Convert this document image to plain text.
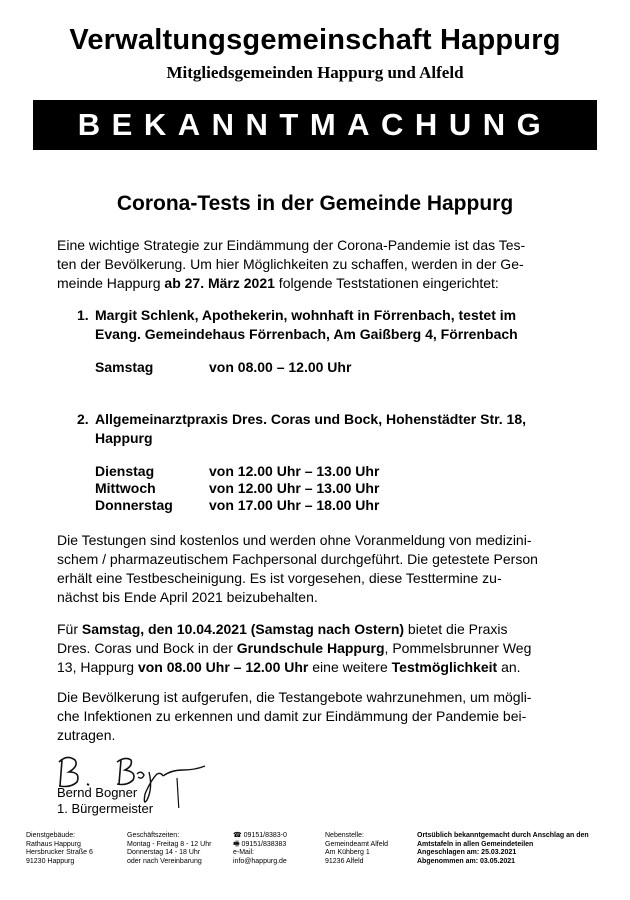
Verwaltungsgemeinschaft Happurg
Mitgliedsgemeinden Happurg und Alfeld
BEKANNTMACHUNG
Corona-Tests in der Gemeinde Happurg
Eine wichtige Strategie zur Eindämmung der Corona-Pandemie ist das Tes-
ten der Bevölkerung. Um hier Möglichkeiten zu schaffen, werden in der Ge-
meinde Happurg ab 27. März 2021 folgende Teststationen eingerichtet:
1. Margit Schlenk, Apothekerin, wohnhaft in Förrenbach, testet im
Evang. Gemeindehaus Förrenbach, Am Gaißberg 4, Förrenbach
Samstag	von 08.00 – 12.00 Uhr
2. Allgemeinarztpraxis Dres. Coras und Bock, Hohenstädter Str. 18,
Happurg
Dienstag	von 12.00 Uhr – 13.00 Uhr
Mittwoch	von 12.00 Uhr – 13.00 Uhr
Donnerstag	von 17.00 Uhr – 18.00 Uhr
Die Testungen sind kostenlos und werden ohne Voranmeldung von medizini-
schem / pharmazeutischem Fachpersonal durchgeführt. Die getestete Person
erhält eine Testbescheinigung. Es ist vorgesehen, diese Testtermine zu-
nächst bis Ende April 2021 beizubehalten.
Für Samstag, den 10.04.2021 (Samstag nach Ostern) bietet die Praxis
Dres. Coras und Bock in der Grundschule Happurg, Pommelsbrunner Weg
13, Happurg von 08.00 Uhr – 12.00 Uhr eine weitere Testmöglichkeit an.
Die Bevölkerung ist aufgerufen, die Testangebote wahrzunehmen, um mögli-
che Infektionen zu erkennen und damit zur Eindämmung der Pandemie bei-
zutragen.
Bernd Bogner
1. Bürgermeister
Dienstgebäude:
Rathaus Happurg
Hersbrucker Straße 6
91230 Happurg
Geschäftszeiten:
Montag - Freitag 8 - 12 Uhr
Donnerstag 14 - 18 Uhr
oder nach Vereinbarung
☎ 09151/8383-0
🖷 09151/838383
e-Mail:
info@happurg.de
Nebenstelle:
Gemeindeamt Alfeld
Am Kühberg 1
91236 Alfeld
Ortsüblich bekanntgemacht durch Anschlag an den
Amtstafeln in allen Gemeindeteilen
Angeschlagen am: 25.03.2021
Abgenommen am: 03.05.2021
